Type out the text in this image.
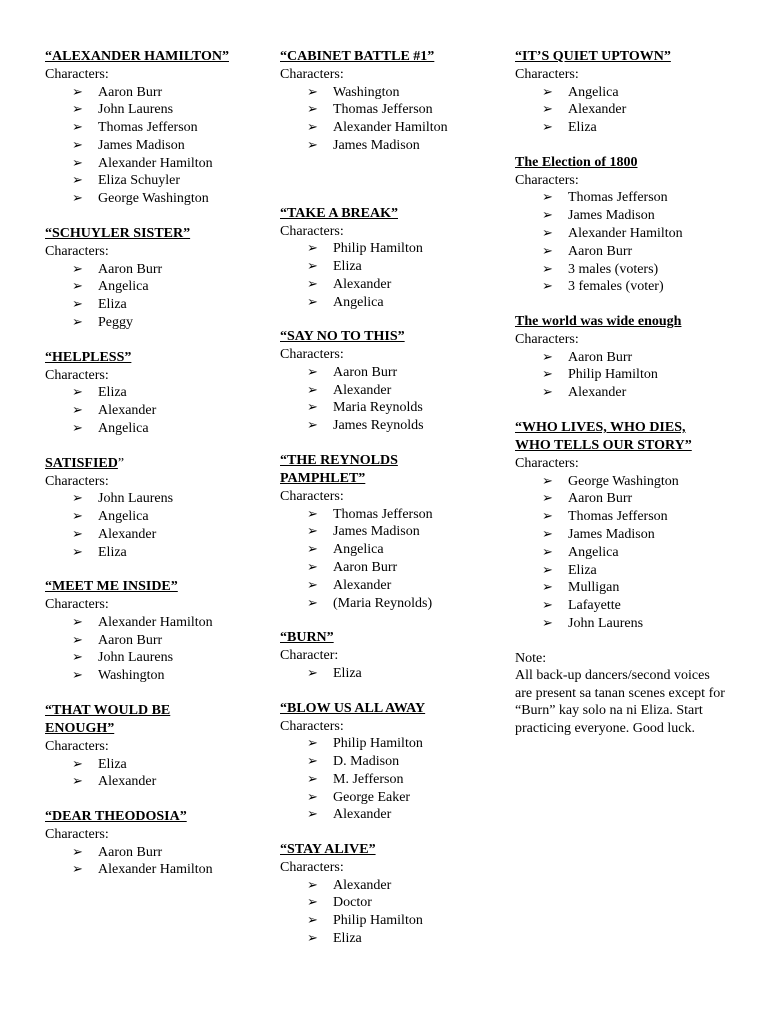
“ALEXANDER HAMILTON”

Characters:

➢ Aaron Burr
➢ John Laurens
➢ Thomas Jefferson
➢ James Madison
➢ Alexander Hamilton
➢ Eliza Schuyler
➢ George Washington

“SCHUYLER SISTER”

Characters:

➢ Aaron Burr
➢ Angelica
➢ Eliza
➢ Peggy

“HELPLESS”

Characters:

➢ Eliza
➢ Alexander
➢ Angelica

SATISFIED”

Characters:

➢ John Laurens
➢ Angelica
➢ Alexander
➢ Eliza

“MEET ME INSIDE”

Characters:

➢ Alexander Hamilton
➢ Aaron Burr
➢ John Laurens
➢ Washington

“THAT WOULD BE
ENOUGH”

Characters:

➢ Eliza
➢ Alexander

“DEAR THEODOSIA”

Characters:

➢ Aaron Burr
➢ Alexander Hamilton

“CABINET BATTLE #1”

Characters:

➢ Washington
➢ Thomas Jefferson
➢ Alexander Hamilton
➢ James Madison

“TAKE A BREAK”

Characters:

➢ Philip Hamilton
➢ Eliza
➢ Alexander
➢ Angelica

“SAY NO TO THIS”

Characters:

➢ Aaron Burr
➢ Alexander
➢ Maria Reynolds
➢ James Reynolds

“THE REYNOLDS
PAMPHLET”

Characters:

➢ Thomas Jefferson
➢ James Madison
➢ Angelica
➢ Aaron Burr
➢ Alexander
➢ (Maria Reynolds)

“BURN”

Character:

➢ Eliza

“BLOW US ALL AWAY

Characters:

➢ Philip Hamilton
➢ D. Madison
➢ M. Jefferson
➢ George Eaker
➢ Alexander

“STAY ALIVE”

Characters:

➢ Alexander
➢ Doctor
➢ Philip Hamilton
➢ Eliza

“IT’S QUIET UPTOWN”

Characters:

➢ Angelica
➢ Alexander
➢ Eliza

The Election of 1800

Characters:

➢ Thomas Jefferson
➢ James Madison
➢ Alexander Hamilton
➢ Aaron Burr
➢ 3 males (voters)
➢ 3 females (voter)

The world was wide enough

Characters:

➢ Aaron Burr
➢ Philip Hamilton
➢ Alexander

“WHO LIVES, WHO DIES,
WHO TELLS OUR STORY”

Characters:

➢ George Washington
➢ Aaron Burr
➢ Thomas Jefferson
➢ James Madison
➢ Angelica
➢ Eliza
➢ Mulligan
➢ Lafayette
➢ John Laurens

Note:

All back-up dancers/second voices are present sa tanan scenes except for “Burn” kay solo na ni Eliza. Start practicing everyone. Good luck.
